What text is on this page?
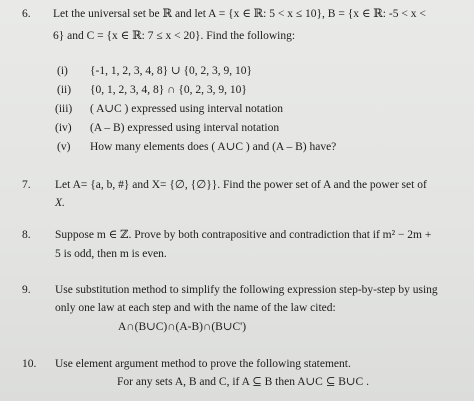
6. Let the universal set be ℝ and let A = {x ∈ ℝ: 5 < x ≤ 10}, B = {x ∈ ℝ: -5 < x <
6} and C = {x ∈ ℝ: 7 ≤ x < 20}. Find the following:
(i) {-1, 1, 2, 3, 4, 8} ∪ {0, 2, 3, 9, 10}
(ii) {0, 1, 2, 3, 4, 8} ∩ {0, 2, 3, 9, 10}
(iii) ( A∪C ) expressed using interval notation
(iv) (A – B) expressed using interval notation
(v) How many elements does ( A∪C ) and (A – B) have?
7. Let A= {a, b, #} and X= {∅, {∅}}. Find the power set of A and the power set of
X.
8. Suppose m ∈ ℤ. Prove by both contrapositive and contradiction that if m² − 2m +
5 is odd, then m is even.
9. Use substitution method to simplify the following expression step-by-step by using
only one law at each step and with the name of the law cited:
A∩(B∪C)∩(A-B)∩(B∪C')
10. Use element argument method to prove the following statement.
For any sets A, B and C, if A ⊆ B then A∪C ⊆ B∪C .
